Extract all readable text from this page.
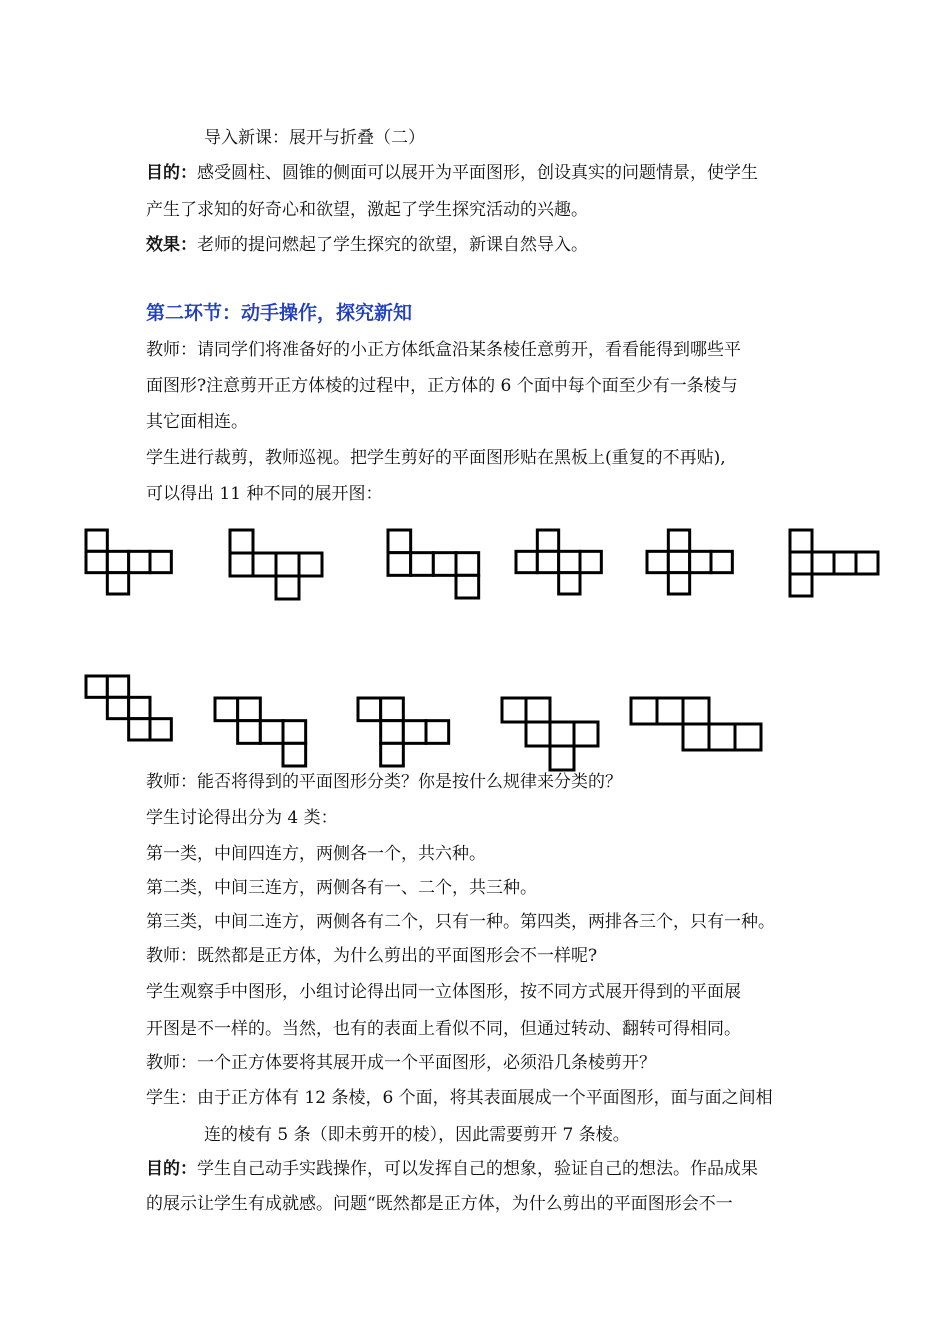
导入新课：展开与折叠（二）
目的：感受圆柱、圆锥的侧面可以展开为平面图形，创设真实的问题情景，使学生
产生了求知的好奇心和欲望，激起了学生探究活动的兴趣。
效果：老师的提问燃起了学生探究的欲望，新课自然导入。
第二环节：动手操作，探究新知
教师：请同学们将准备好的小正方体纸盒沿某条棱任意剪开，看看能得到哪些平
面图形?注意剪开正方体棱的过程中，正方体的 6 个面中每个面至少有一条棱与
其它面相连。
学生进行裁剪，教师巡视。把学生剪好的平面图形贴在黑板上(重复的不再贴),
可以得出 11 种不同的展开图：
教师：能否将得到的平面图形分类？你是按什么规律来分类的？
学生讨论得出分为 4 类：
第一类，中间四连方，两侧各一个，共六种。
第二类，中间三连方，两侧各有一、二个，共三种。
第三类，中间二连方，两侧各有二个，只有一种。第四类，两排各三个，只有一种。
教师：既然都是正方体，为什么剪出的平面图形会不一样呢?
学生观察手中图形，小组讨论得出同一立体图形，按不同方式展开得到的平面展
开图是不一样的。当然，也有的表面上看似不同，但通过转动、翻转可得相同。
教师：一个正方体要将其展开成一个平面图形，必须沿几条棱剪开？
学生：由于正方体有 12 条棱，6 个面，将其表面展成一个平面图形，面与面之间相
连的棱有 5 条（即未剪开的棱），因此需要剪开 7 条棱。
目的：学生自己动手实践操作，可以发挥自己的想象，验证自己的想法。作品成果
的展示让学生有成就感。问题“既然都是正方体，为什么剪出的平面图形会不一
